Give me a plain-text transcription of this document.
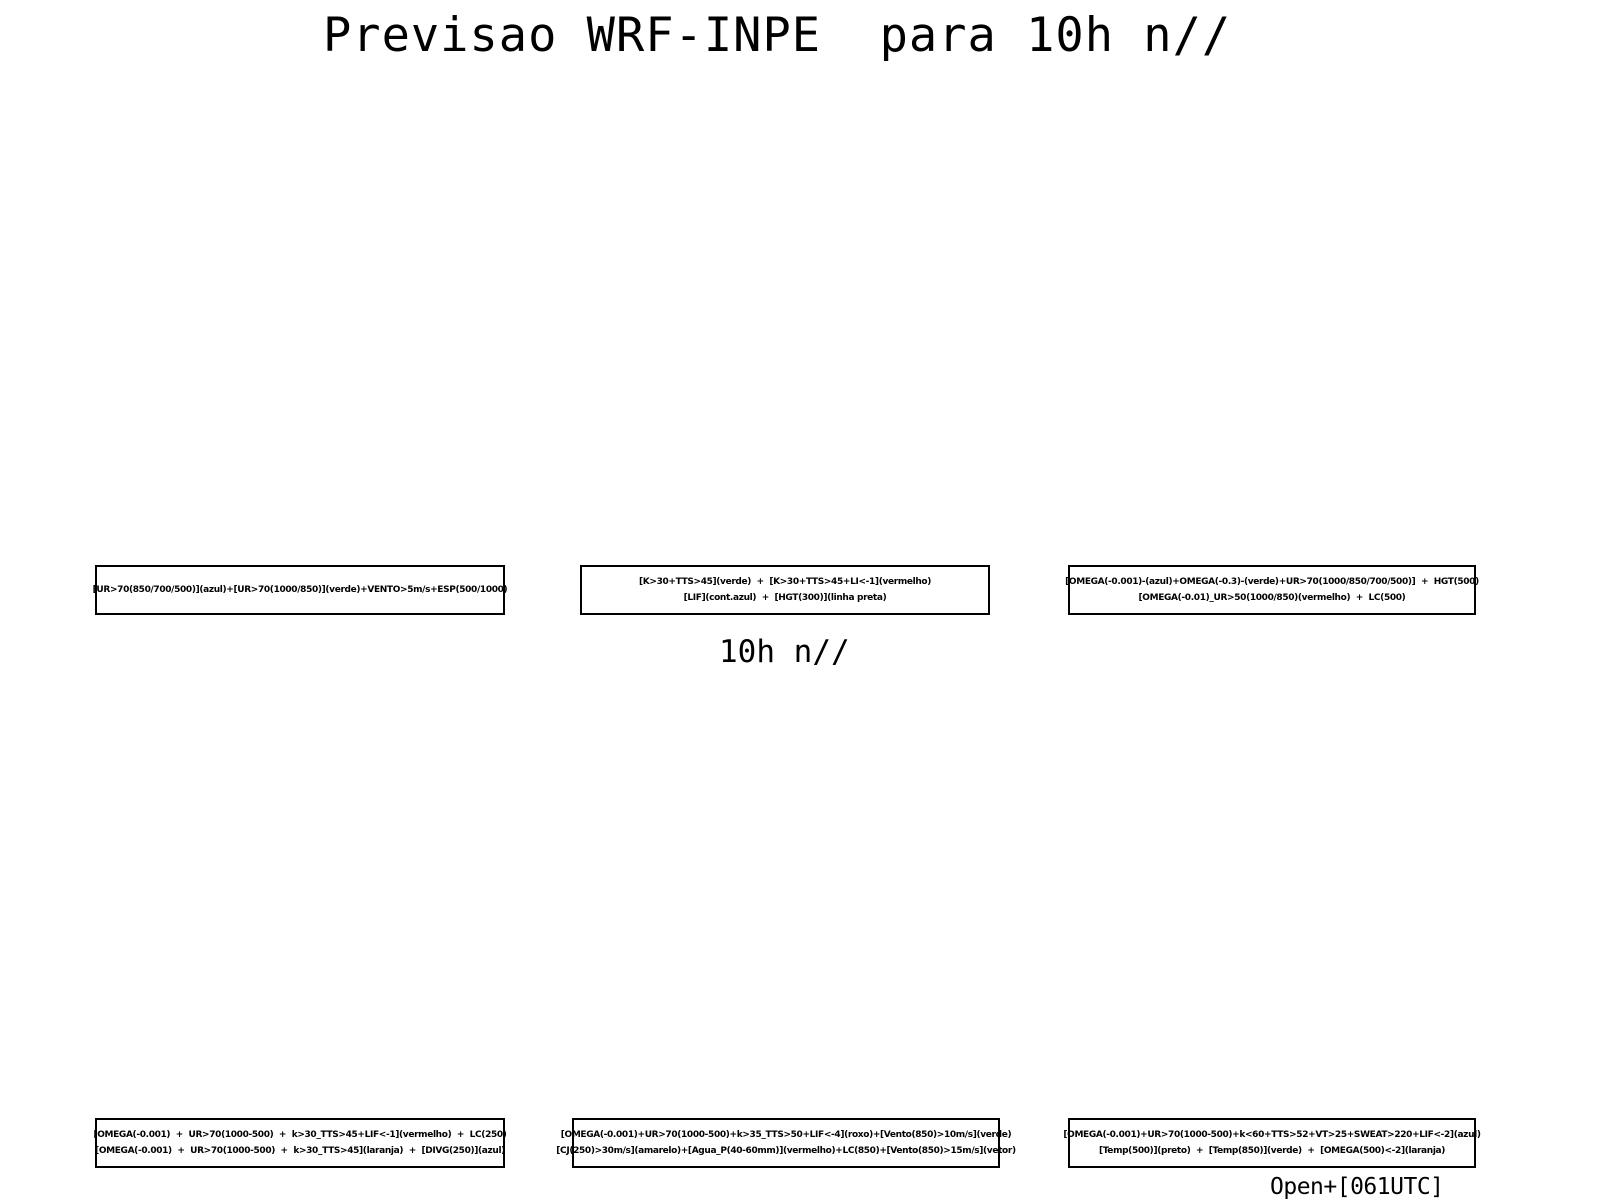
Previsao WRF-INPE  para 10h n//
[UR>70(850/700/500)](azul)+[UR>70(1000/850)](verde)+VENTO>5m/s+ESP(500/1000)
[K>30+TTS>45](verde)  +  [K>30+TTS>45+LI<-1](vermelho)
[LIF](cont.azul)  +  [HGT(300)](linha preta)
[OMEGA(-0.001)-(azul)+OMEGA(-0.3)-(verde)+UR>70(1000/850/700/500)]  +  HGT(500)
[OMEGA(-0.01)_UR>50(1000/850)(vermelho)  +  LC(500)
10h n//
[OMEGA(-0.001)  +  UR>70(1000-500)  +  k>30_TTS>45+LIF<-1](vermelho)  +  LC(250)
[OMEGA(-0.001)  +  UR>70(1000-500)  +  k>30_TTS>45](laranja)  +  [DIVG(250)](azul)
[OMEGA(-0.001)+UR>70(1000-500)+k>35_TTS>50+LIF<-4](roxo)+[Vento(850)>10m/s](verde)
[CJ(250)>30m/s](amarelo)+[Agua_P(40-60mm)](vermelho)+LC(850)+[Vento(850)>15m/s](vetor)
[OMEGA(-0.001)+UR>70(1000-500)+k<60+TTS>52+VT>25+SWEAT>220+LIF<-2](azul)
[Temp(500)](preto)  +  [Temp(850)](verde)  +  [OMEGA(500)<-2](laranja)
Open+[061UTC]
